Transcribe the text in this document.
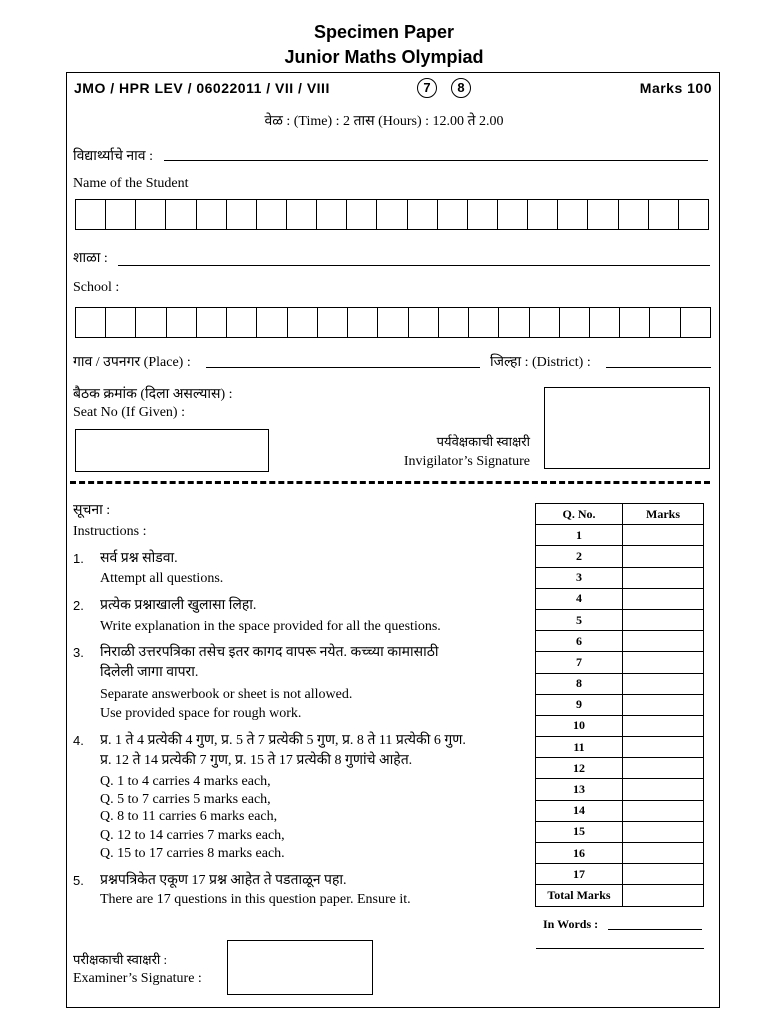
Specimen Paper
Junior Maths Olympiad
JMO / HPR LEV / 06022011 / VII / VIII	7 8	Marks 100
वेळ : (Time) : 2 तास (Hours) : 12.00 ते 2.00
विद्यार्थ्याचे नाव :
Name of the Student
शाळा :
School :
गाव / उपनगर (Place) :	जिल्हा : (District) :
बैठक क्रमांक (दिला असल्यास) :
Seat No (If Given) :
पर्यवेक्षकाची स्वाक्षरी
Invigilator’s Signature
सूचना :
Instructions :
1. सर्व प्रश्न सोडवा.
Attempt all questions.
2. प्रत्येक प्रश्नाखाली खुलासा लिहा.
Write explanation in the space provided for all the questions.
3. निराळी उत्तरपत्रिका तसेच इतर कागद वापरू नयेत. कच्च्या कामासाठी
दिलेली जागा वापरा.
Separate answerbook or sheet is not allowed.
Use provided space for rough work.
4. प्र. 1 ते 4 प्रत्येकी 4 गुण, प्र. 5 ते 7 प्रत्येकी 5 गुण, प्र. 8 ते 11 प्रत्येकी 6 गुण.
प्र. 12 ते 14 प्रत्येकी 7 गुण, प्र. 15 ते 17 प्रत्येकी 8 गुणांचे आहेत.
Q. 1 to 4 carries 4 marks each,
Q. 5 to 7 carries 5 marks each,
Q. 8 to 11 carries 6 marks each,
Q. 12 to 14 carries 7 marks each,
Q. 15 to 17 carries 8 marks each.
5. प्रश्नपत्रिकेत एकूण 17 प्रश्न आहेत ते पडताळून पहा.
There are 17 questions in this question paper. Ensure it.
Q. No.	Marks
1	
2	
3	
4	
5	
6	
7	
8	
9	
10	
11	
12	
13	
14	
15	
16	
17	
Total Marks	
In Words :
परीक्षकाची स्वाक्षरी :
Examiner’s Signature :
